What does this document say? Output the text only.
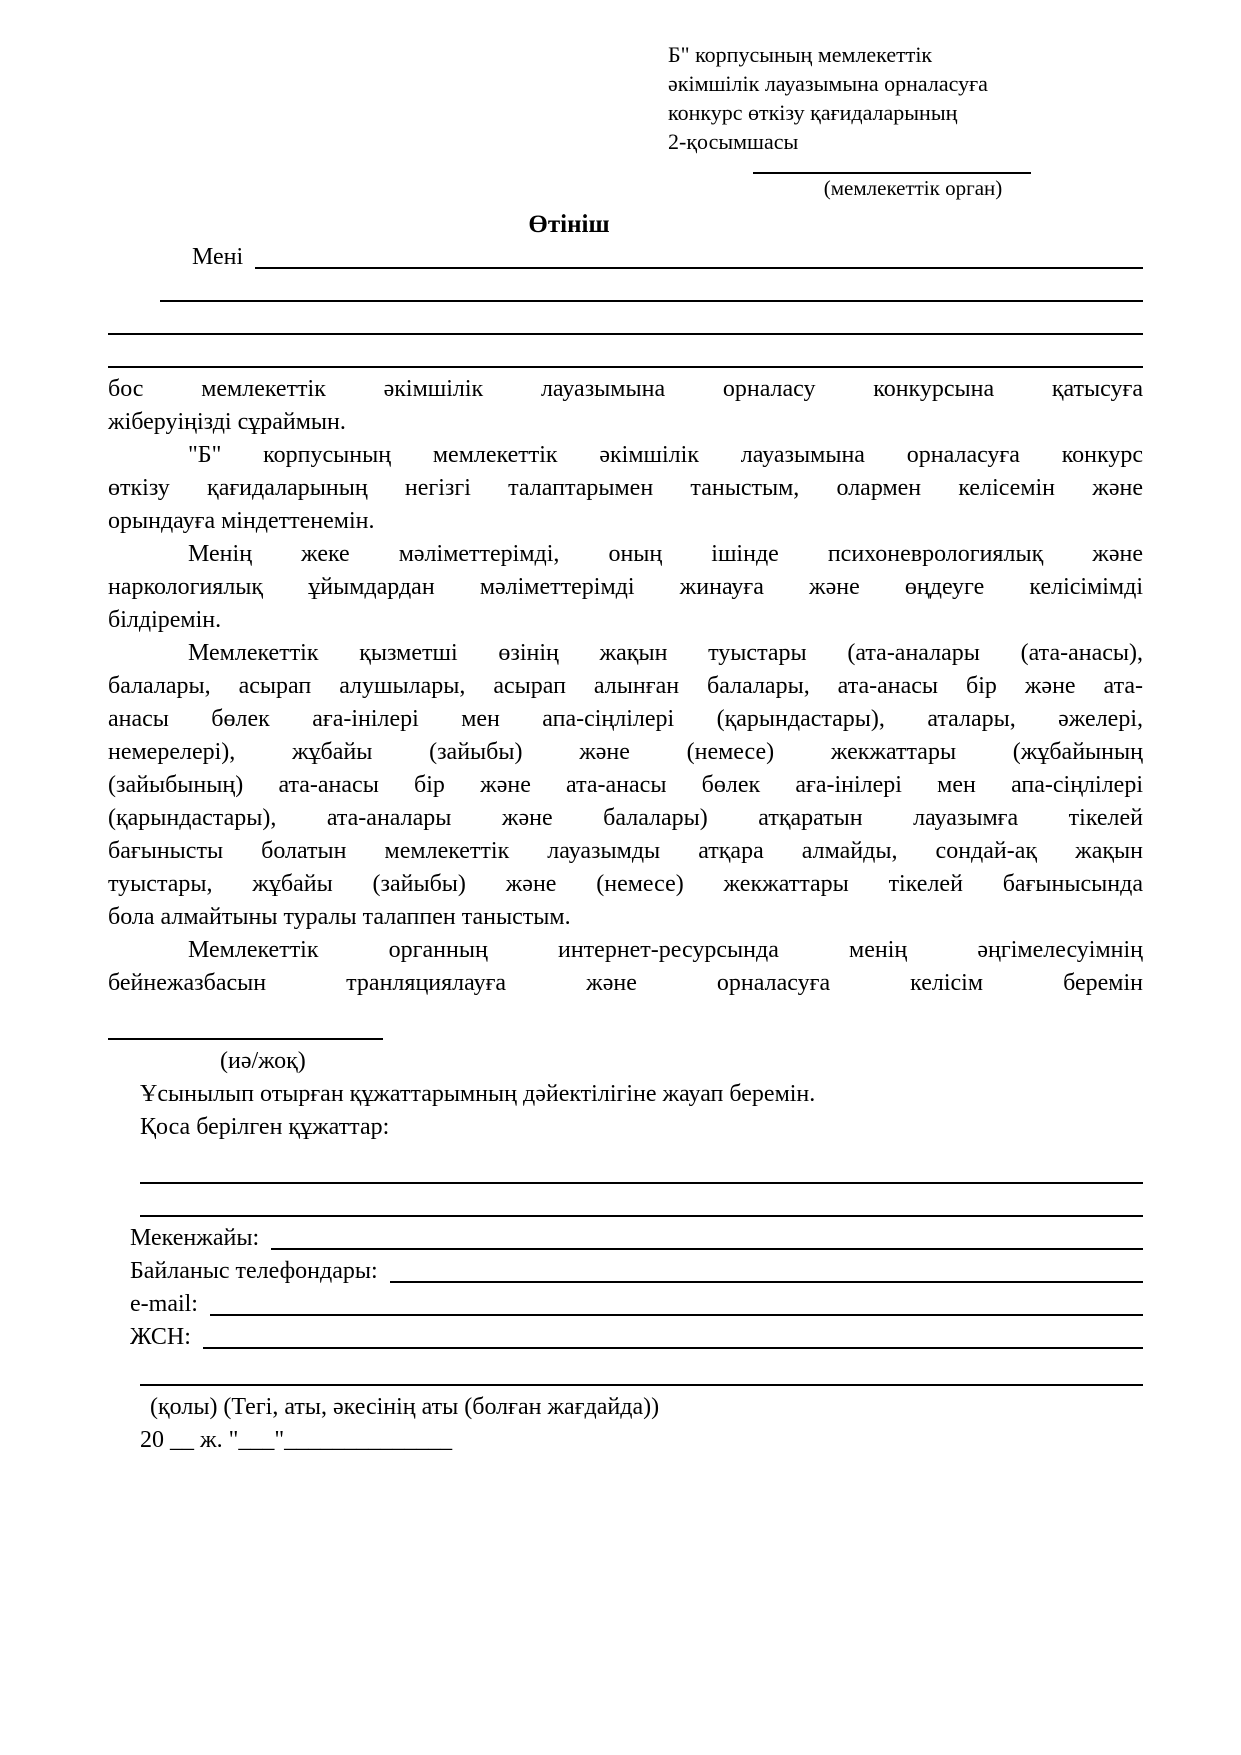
Б" корпусының мемлекеттік
әкімшілік лауазымына орналасуға
конкурс өткізу қағидаларының
2-қосымшасы
(мемлекеттік орган)
Өтініш
Мені
бос мемлекеттік әкімшілік лауазымына орналасу конкурсына қатысуға
жіберуіңізді сұраймын.
"Б" корпусының мемлекеттік әкімшілік лауазымына орналасуға конкурс
өткізу қағидаларының негізгі талаптарымен таныстым, олармен келісемін және
орындауға міндеттенемін.
Менің жеке мәліметтерімді, оның ішінде психоневрологиялық және
наркологиялық ұйымдардан мәліметтерімді жинауға және өңдеуге келісімімді
білдіремін.
Мемлекеттік қызметші өзінің жақын туыстары (ата-аналары (ата-анасы),
балалары, асырап алушылары, асырап алынған балалары, ата-анасы бір және ата-
анасы бөлек аға-інілері мен апа-сіңлілері (қарындастары), аталары, әжелері,
немерелері), жұбайы (зайыбы) және (немесе) жекжаттары (жұбайының
(зайыбының) ата-анасы бір және ата-анасы бөлек аға-інілері мен апа-сіңлілері
(қарындастары), ата-аналары және балалары) атқаратын лауазымға тікелей
бағынысты болатын мемлекеттік лауазымды атқара алмайды, сондай-ақ жақын
туыстары, жұбайы (зайыбы) және (немесе) жекжаттары тікелей бағынысында
бола алмайтыны туралы талаппен таныстым.
Мемлекеттік органның интернет-ресурсында менің әңгімелесуімнің
бейнежазбасын транляциялауға және орналасуға келісім беремін
(иә/жоқ)
Ұсынылып отырған құжаттарымның дәйектілігіне жауап беремін.
Қоса берілген құжаттар:
Мекенжайы:
Байланыс телефондары:
e-mail:
ЖСН:
(қолы) (Тегі, аты, әкесінің аты (болған жағдайда))
20 __ ж. "___"______________
